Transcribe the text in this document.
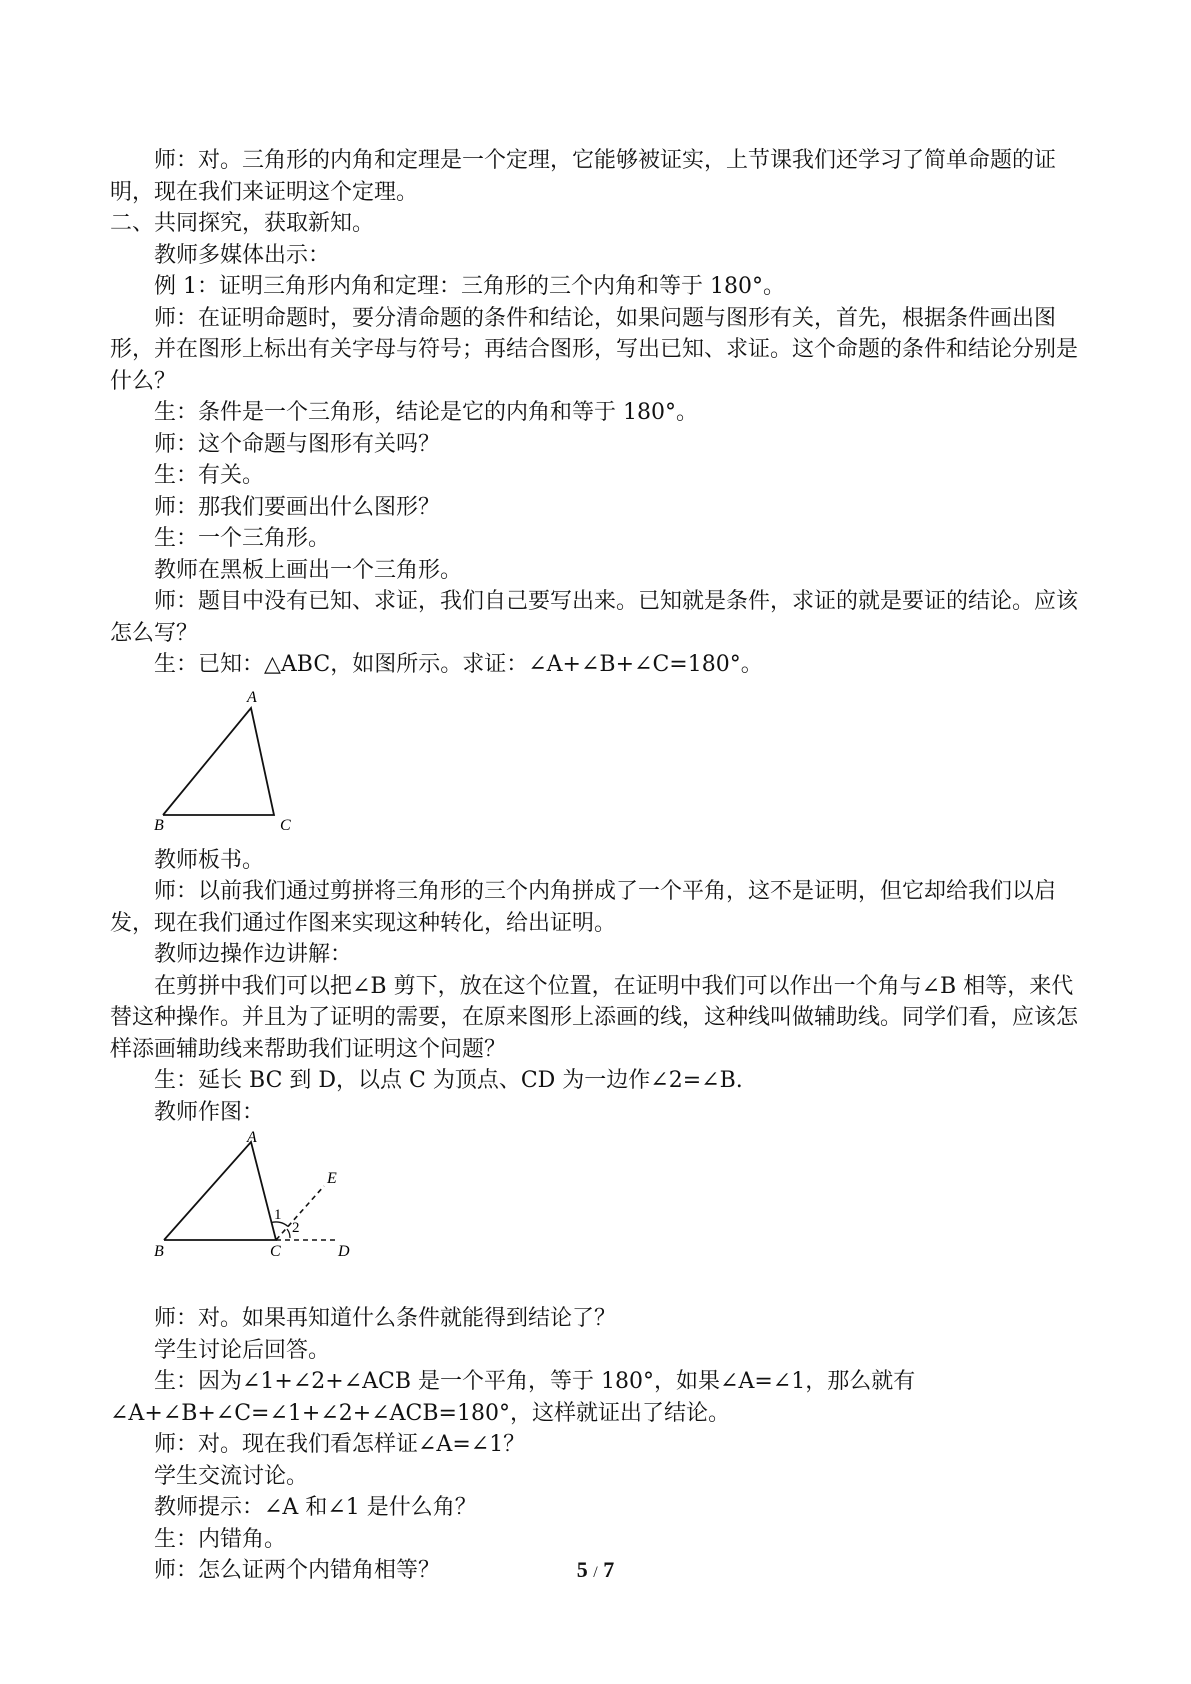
师：对。三角形的内角和定理是一个定理，它能够被证实，上节课我们还学习了简单命题的证明，现在我们来证明这个定理。

二、共同探究，获取新知。

教师多媒体出示：

例 1：证明三角形内角和定理：三角形的三个内角和等于 180°。

师：在证明命题时，要分清命题的条件和结论，如果问题与图形有关，首先，根据条件画出图形，并在图形上标出有关字母与符号；再结合图形，写出已知、求证。这个命题的条件和结论分别是什么？

生：条件是一个三角形，结论是它的内角和等于 180°。

师：这个命题与图形有关吗？

生：有关。

师：那我们要画出什么图形？

生：一个三角形。

教师在黑板上画出一个三角形。

师：题目中没有已知、求证，我们自己要写出来。已知就是条件，求证的就是要证的结论。应该怎么写？

生：已知：△ABC，如图所示。求证：∠A+∠B+∠C=180°。

A
B	C

教师板书。

师：以前我们通过剪拼将三角形的三个内角拼成了一个平角，这不是证明，但它却给我们以启发，现在我们通过作图来实现这种转化，给出证明。

教师边操作边讲解：

在剪拼中我们可以把∠B 剪下，放在这个位置，在证明中我们可以作出一个角与∠B 相等，来代替这种操作。并且为了证明的需要，在原来图形上添画的线，这种线叫做辅助线。同学们看，应该怎样添画辅助线来帮助我们证明这个问题？

生：延长 BC 到 D，以点 C 为顶点、CD 为一边作∠2=∠B.

教师作图：

A
B	C	D
E
1
2

师：对。如果再知道什么条件就能得到结论了？

学生讨论后回答。

生：因为∠1+∠2+∠ACB 是一个平角，等于 180°，如果∠A=∠1，那么就有∠A+∠B+∠C=∠1+∠2+∠ACB=180°，这样就证出了结论。

师：对。现在我们看怎样证∠A=∠1？

学生交流讨论。

教师提示：∠A 和∠1 是什么角？

生：内错角。

师：怎么证两个内错角相等？	5 / 7
